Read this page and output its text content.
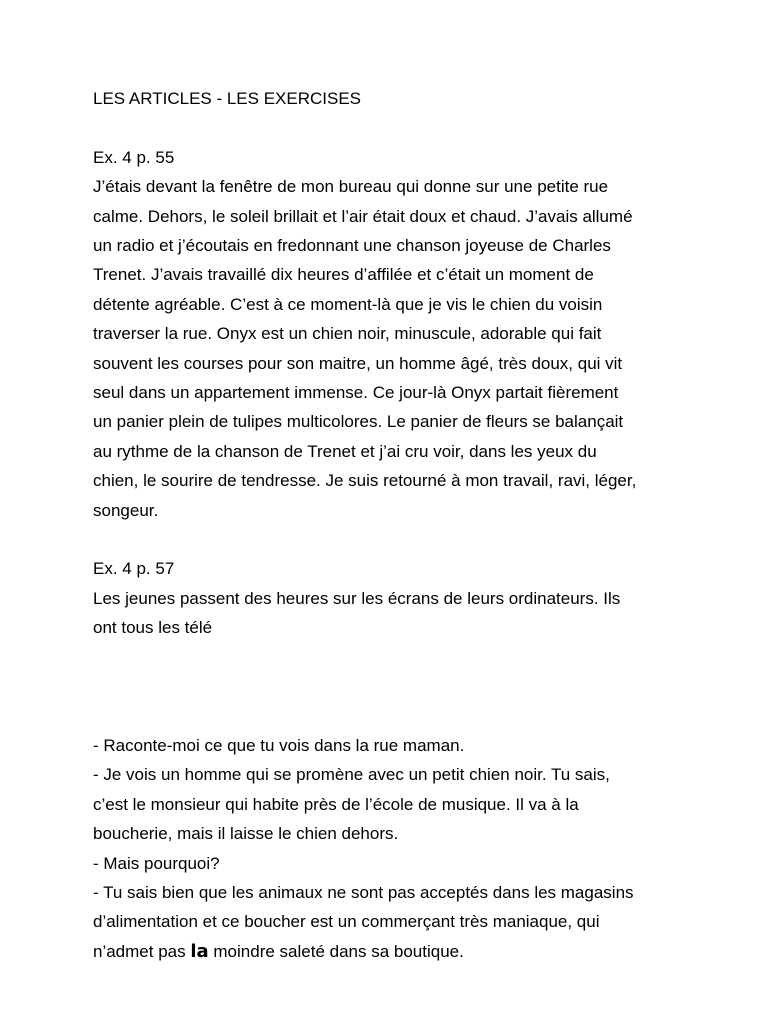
LES ARTICLES - LES EXERCISES
Ex. 4 p. 55
J’étais devant la fenêtre de mon bureau qui donne sur une petite rue
calme. Dehors, le soleil brillait et l’air était doux et chaud. J’avais allumé
un radio et j’écoutais en fredonnant une chanson joyeuse de Charles
Trenet. J’avais travaillé dix heures d’affilée et c’était un moment de
détente agréable. C’est à ce moment-là que je vis le chien du voisin
traverser la rue. Onyx est un chien noir, minuscule, adorable qui fait
souvent les courses pour son maitre, un homme âgé, très doux, qui vit
seul dans un appartement immense. Ce jour-là Onyx partait fièrement
un panier plein de tulipes multicolores. Le panier de fleurs se balançait
au rythme de la chanson de Trenet et j’ai cru voir, dans les yeux du
chien, le sourire de tendresse. Je suis retourné à mon travail, ravi, léger,
songeur.
Ex. 4 p. 57
Les jeunes passent des heures sur les écrans de leurs ordinateurs. Ils
ont tous les télé
- Raconte-moi ce que tu vois dans la rue maman.
- Je vois un homme qui se promène avec un petit chien noir. Tu sais,
c’est le monsieur qui habite près de l’école de musique. Il va à la
boucherie, mais il laisse le chien dehors.
- Mais pourquoi?
- Tu sais bien que les animaux ne sont pas acceptés dans les magasins
d’alimentation et ce boucher est un commerçant très maniaque, qui
n’admet pas la moindre saleté dans sa boutique.
